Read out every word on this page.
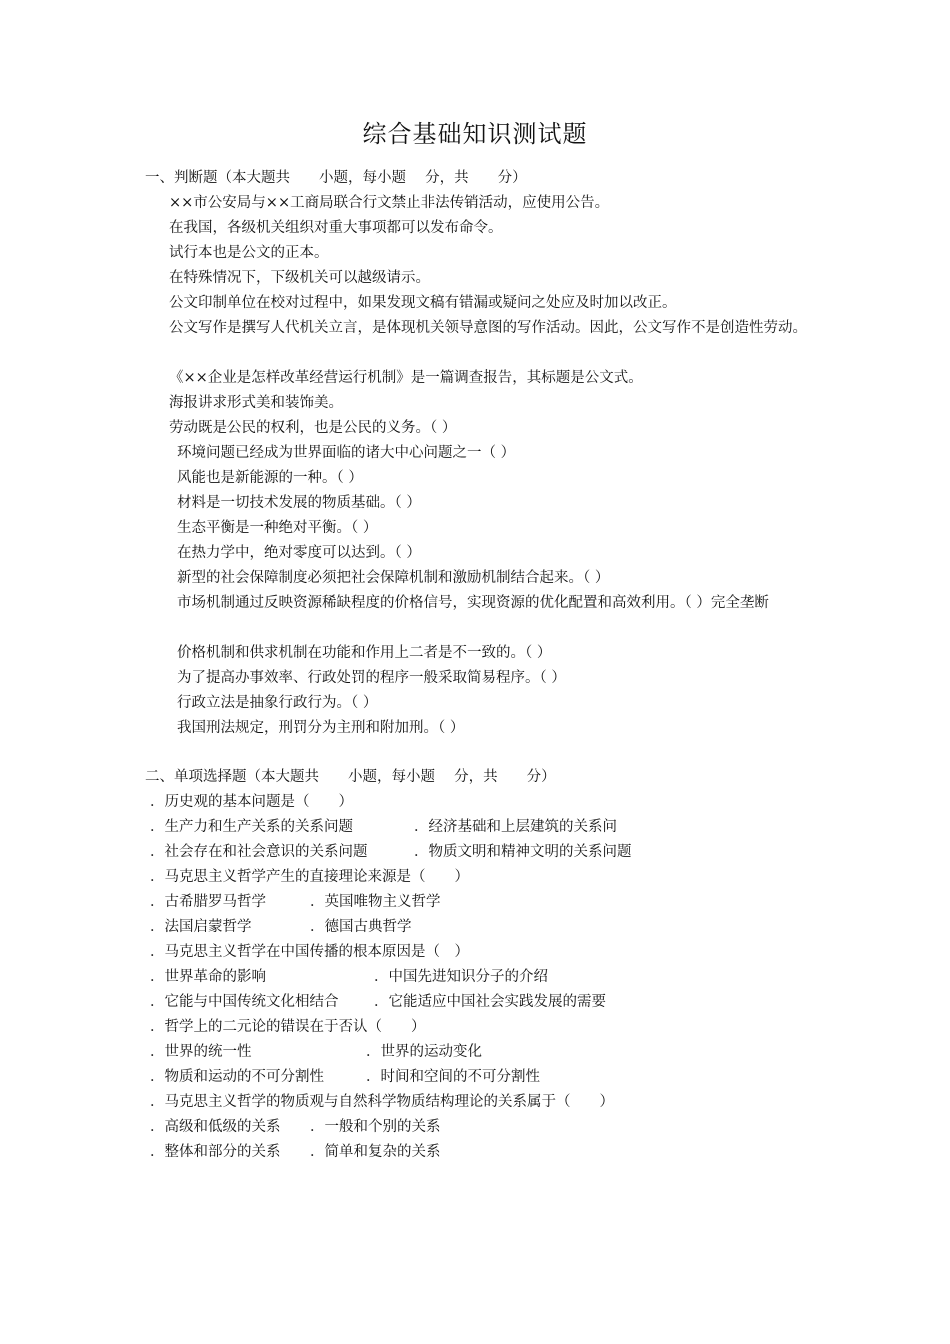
综合基础知识测试题
一、判断题（本大题共　　小题，每小题　 分，共　　分）
××市公安局与××工商局联合行文禁止非法传销活动，应使用公告。
在我国，各级机关组织对重大事项都可以发布命令。
试行本也是公文的正本。
在特殊情况下，下级机关可以越级请示。
公文印制单位在校对过程中，如果发现文稿有错漏或疑问之处应及时加以改正。
公文写作是撰写人代机关立言，是体现机关领导意图的写作活动。因此，公文写作不是创造性劳动。
《××企业是怎样改革经营运行机制》是一篇调查报告，其标题是公文式。
海报讲求形式美和装饰美。
劳动既是公民的权利，也是公民的义务。（ ）
环境问题已经成为世界面临的诸大中心问题之一（ ）
风能也是新能源的一种。（ ）
材料是一切技术发展的物质基础。（ ）
生态平衡是一种绝对平衡。（ ）
在热力学中，绝对零度可以达到。（ ）
新型的社会保障制度必须把社会保障机制和激励机制结合起来。（ ）
市场机制通过反映资源稀缺程度的价格信号，实现资源的优化配置和高效利用。（ ）完全垄断
价格机制和供求机制在功能和作用上二者是不一致的。（ ）
为了提高办事效率、行政处罚的程序一般采取简易程序。（ ）
行政立法是抽象行政行为。（ ）
我国刑法规定，刑罚分为主刑和附加刑。（ ）
二、单项选择题（本大题共　　小题，每小题　 分，共　　分）
．历史观的基本问题是（　　）
．生产力和生产关系的关系问题	．经济基础和上层建筑的关系问
．社会存在和社会意识的关系问题	．物质文明和精神文明的关系问题
．马克思主义哲学产生的直接理论来源是（　　）
．古希腊罗马哲学	．英国唯物主义哲学
．法国启蒙哲学	．德国古典哲学
．马克思主义哲学在中国传播的根本原因是（　）
．世界革命的影响	．中国先进知识分子的介绍
．它能与中国传统文化相结合 ．它能适应中国社会实践发展的需要
．哲学上的二元论的错误在于否认（　　）
．世界的统一性	．世界的运动变化
．物质和运动的不可分割性	．时间和空间的不可分割性
．马克思主义哲学的物质观与自然科学物质结构理论的关系属于（　　）
．高级和低级的关系 ．一般和个别的关系
．整体和部分的关系 ．简单和复杂的关系
